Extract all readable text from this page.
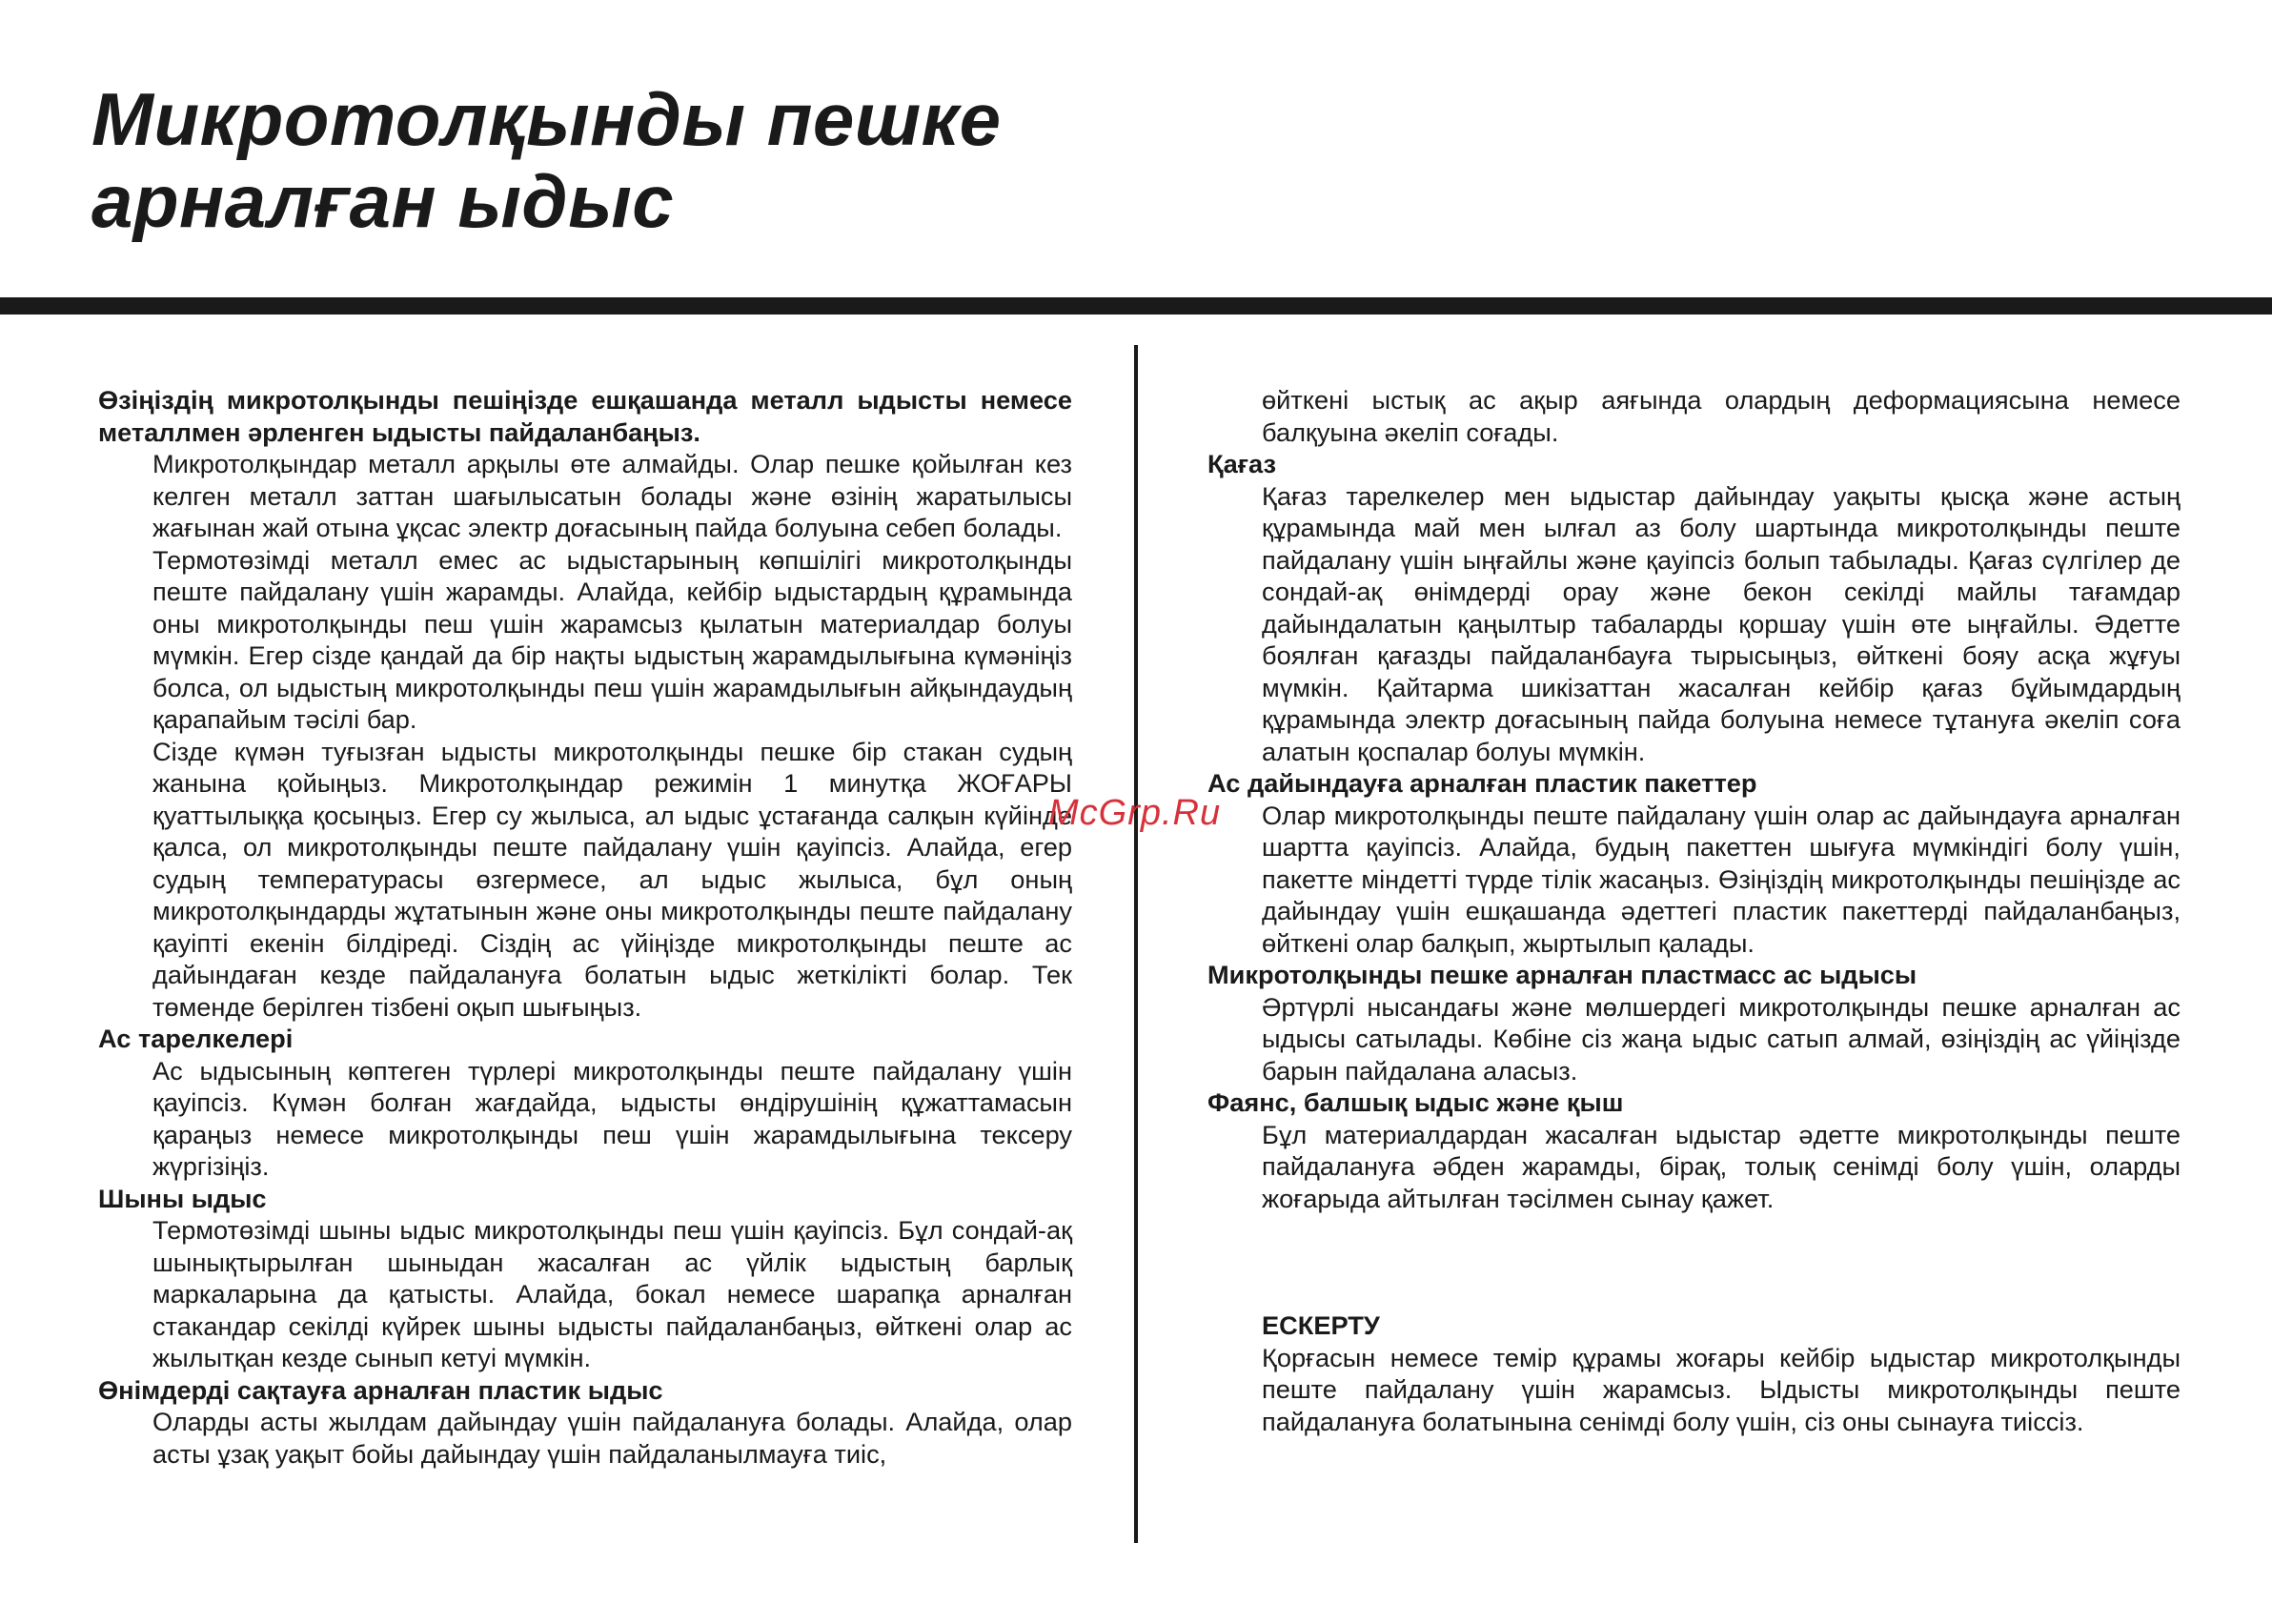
Микротолқынды пешке
арналған ыдыс

Өзіңіздің микротолқынды пешіңізде ешқашанда металл ыдысты немесе металлмен әрленген ыдысты пайдаланбаңыз.

Микротолқындар металл арқылы өте алмайды. Олар пешке қойылған кез келген металл заттан шағылысатын болады және өзінің жаратылысы жағынан жай отына ұқсас электр доғасының пайда болуына себеп болады.

Термотөзімді металл емес ас ыдыстарының көпшілігі микротолқынды пеште пайдалану үшін жарамды. Алайда, кейбір ыдыстардың құрамында оны микротолқынды пеш үшін жарамсыз қылатын материалдар болуы мүмкін. Егер сізде қандай да бір нақты ыдыстың жарамдылығына күмәніңіз болса, ол ыдыстың микротолқынды пеш үшін жарамдылығын айқындаудың қарапайым тәсілі бар.

Сізде күмән туғызған ыдысты микротолқынды пешке бір стакан судың жанына қойыңыз. Микротолқындар режимін 1 минутқа ЖОҒАРЫ қуаттылыққа қосыңыз. Егер су жылыса, ал ыдыс ұстағанда салқын күйінде қалса, ол микротолқынды пеште пайдалану үшін қауіпсіз. Алайда, егер судың температурасы өзгермесе, ал ыдыс жылыса, бұл оның микротолқындарды жұтатынын және оны микротолқынды пеште пайдалану қауіпті екенін білдіреді. Сіздің ас үйіңізде микротолқынды пеште ас дайындаған кезде пайдалануға болатын ыдыс жеткілікті болар. Тек төменде берілген тізбені оқып шығыңыз.

Ас тарелкелері

Ас ыдысының көптеген түрлері микротолқынды пеште пайдалану үшін қауіпсіз. Күмән болған жағдайда, ыдысты өндірушінің құжаттамасын қараңыз немесе микротолқынды пеш үшін жарамдылығына тексеру жүргізіңіз.

Шыны ыдыс

Термотөзімді шыны ыдыс микротолқынды пеш үшін қауіпсіз. Бұл сондай-ақ шынықтырылған шыныдан жасалған ас үйлік ыдыстың барлық маркаларына да қатысты. Алайда, бокал немесе шарапқа арналған стакандар секілді күйрек шыны ыдысты пайдаланбаңыз, өйткені олар ас жылытқан кезде сынып кетуі мүмкін.

Өнімдерді сақтауға арналған пластик ыдыс

Оларды асты жылдам дайындау үшін пайдалануға болады. Алайда, олар асты ұзақ уақыт бойы дайындау үшін пайдаланылмауға тиіс,

өйткені ыстық ас ақыр аяғында олардың деформациясына немесе балқуына әкеліп соғады.

Қағаз

Қағаз тарелкелер мен ыдыстар дайындау уақыты қысқа және астың құрамында май мен ылғал аз болу шартында микротолқынды пеште пайдалану үшін ыңғайлы және қауіпсіз болып табылады. Қағаз сүлгілер де сондай-ақ өнімдерді орау және бекон секілді майлы тағамдар дайындалатын қаңылтыр табаларды қоршау үшін өте ыңғайлы. Әдетте боялған қағазды пайдаланбауға тырысыңыз, өйткені бояу асқа жұғуы мүмкін. Қайтарма шикізаттан жасалған кейбір қағаз бұйымдардың құрамында электр доғасының пайда болуына немесе тұтануға әкеліп соға алатын қоспалар болуы мүмкін.

Ас дайындауға арналған пластик пакеттер

Олар микротолқынды пеште пайдалану үшін олар ас дайындауға арналған шартта қауіпсіз. Алайда, будың пакеттен шығуға мүмкіндігі болу үшін, пакетте міндетті түрде тілік жасаңыз. Өзіңіздің микротолқынды пешіңізде ас дайындау үшін ешқашанда әдеттегі пластик пакеттерді пайдаланбаңыз, өйткені олар балқып, жыртылып қалады.

Микротолқынды пешке арналған пластмасс ас ыдысы

Әртүрлі нысандағы және мөлшердегі микротолқынды пешке арналған ас ыдысы сатылады. Көбіне сіз жаңа ыдыс сатып алмай, өзіңіздің ас үйіңізде барын пайдалана аласыз.

Фаянс, балшық ыдыс және қыш

Бұл материалдардан жасалған ыдыстар әдетте микротолқынды пеште пайдалануға әбден жарамды, бірақ, толық сенімді болу үшін, оларды жоғарыда айтылған тәсілмен сынау қажет.

ЕСКЕРТУ

Қорғасын немесе темір құрамы жоғары кейбір ыдыстар микротолқынды пеште пайдалану үшін жарамсыз. Ыдысты микротолқынды пеште пайдалануға болатынына сенімді болу үшін, сіз оны сынауға тиіссіз.

McGrp.Ru
